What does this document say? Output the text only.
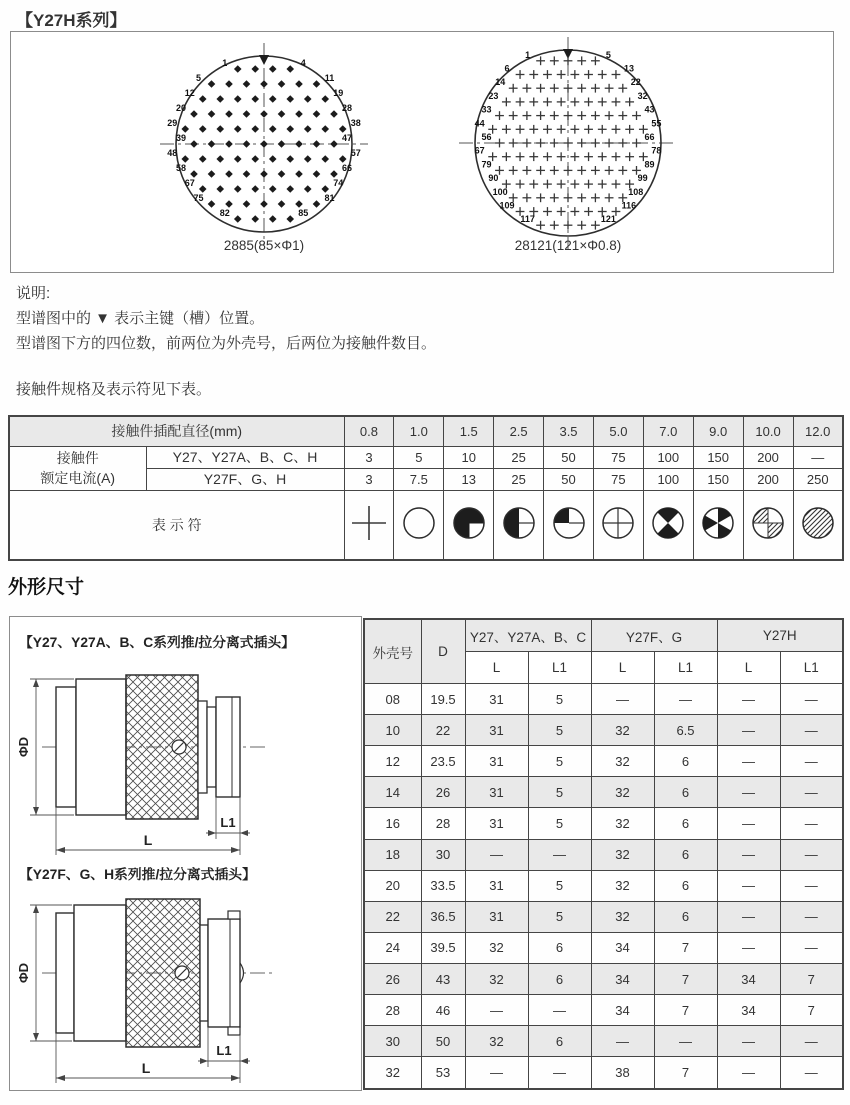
【Y27H系列】
1	4
5	11
12	19
20	28
29	38
39	47
48	57
58	66
67	74
75	81
82	85
1	5
6	13
14	22
23	32
33	43
44	55
56	66
67	78
79	89
90	99
100	108
109	116
117	121
2885(85×Φ1)	28121(121×Φ0.8)
说明:
型谱图中的 ▼ 表示主键（槽）位置。
型谱图下方的四位数，前两位为外壳号，后两位为接触件数目。
接触件规格及表示符见下表。
接触件插配直径(mm)		0.8	1.0	1.5	2.5	3.5	5.0	7.0	9.0	10.0	12.0
接触件
额定电流(A)	Y27、Y27A、B、C、H	3	5	10	25	50	75	100	150	200	—
	Y27F、G、H	3	7.5	13	25	50	75	100	150	200	250
表 示 符										
外形尺寸
【Y27、Y27A、B、C系列推/拉分离式插头】
ΦD
L1
L
【Y27F、G、H系列推/拉分离式插头】
ΦD
L1
L
外壳号	D	Y27、Y27A、B、C		Y27F、G		Y27H	
		L	L1	L	L1	L	L1
08	19.5	31	5	—	—	—	—
10	22	31	5	32	6.5	—	—
12	23.5	31	5	32	6	—	—
14	26	31	5	32	6	—	—
16	28	31	5	32	6	—	—
18	30	—	—	32	6	—	—
20	33.5	31	5	32	6	—	—
22	36.5	31	5	32	6	—	—
24	39.5	32	6	34	7	—	—
26	43	32	6	34	7	34	7
28	46	—	—	34	7	34	7
30	50	32	6	—	—	—	—
32	53	—	—	38	7	—	—
